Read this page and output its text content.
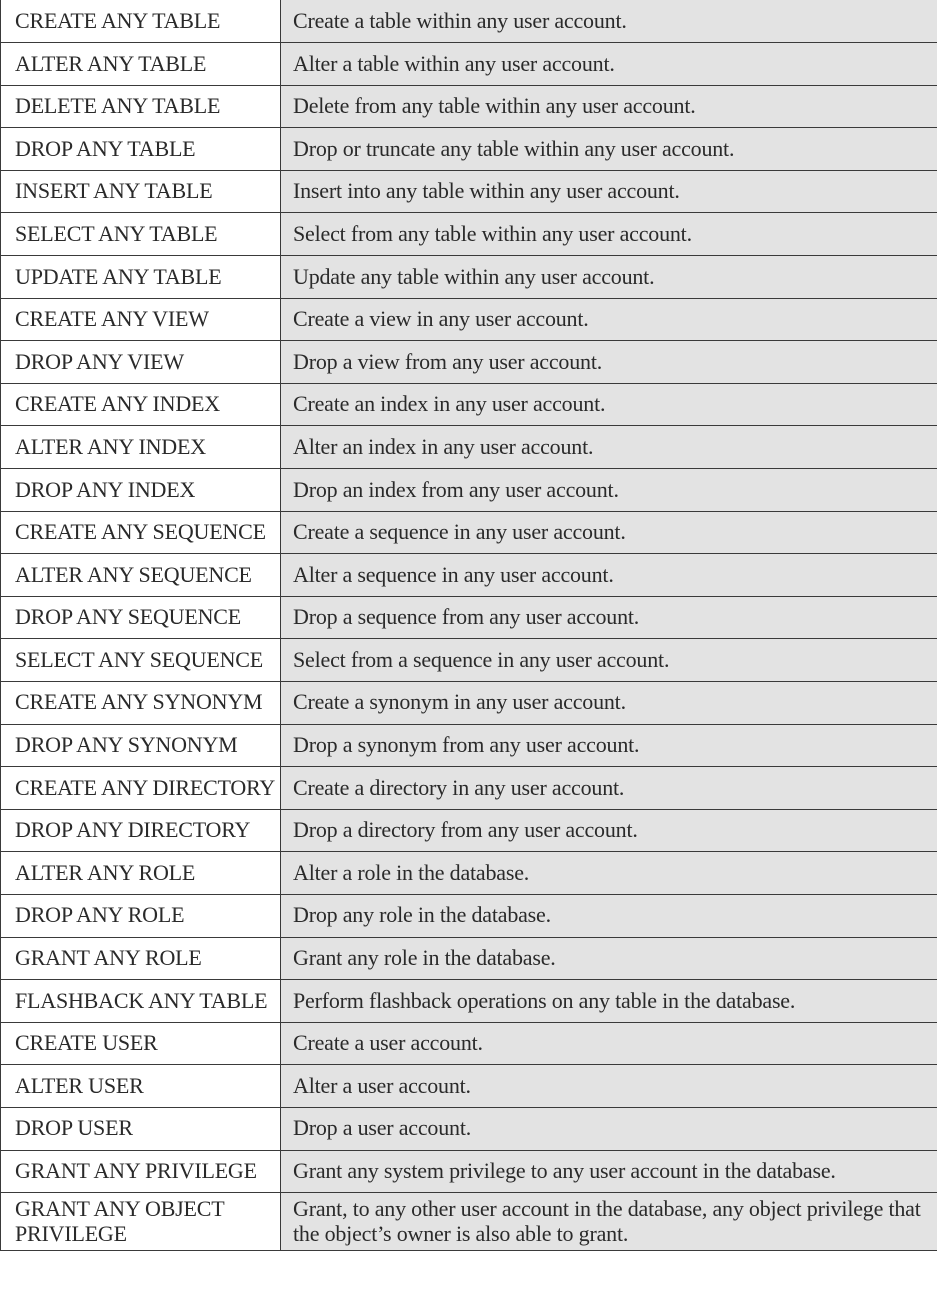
CREATE ANY TABLE	Create a table within any user account.
ALTER ANY TABLE	Alter a table within any user account.
DELETE ANY TABLE	Delete from any table within any user account.
DROP ANY TABLE	Drop or truncate any table within any user account.
INSERT ANY TABLE	Insert into any table within any user account.
SELECT ANY TABLE	Select from any table within any user account.
UPDATE ANY TABLE	Update any table within any user account.
CREATE ANY VIEW	Create a view in any user account.
DROP ANY VIEW	Drop a view from any user account.
CREATE ANY INDEX	Create an index in any user account.
ALTER ANY INDEX	Alter an index in any user account.
DROP ANY INDEX	Drop an index from any user account.
CREATE ANY SEQUENCE	Create a sequence in any user account.
ALTER ANY SEQUENCE	Alter a sequence in any user account.
DROP ANY SEQUENCE	Drop a sequence from any user account.
SELECT ANY SEQUENCE	Select from a sequence in any user account.
CREATE ANY SYNONYM	Create a synonym in any user account.
DROP ANY SYNONYM	Drop a synonym from any user account.
CREATE ANY DIRECTORY	Create a directory in any user account.
DROP ANY DIRECTORY	Drop a directory from any user account.
ALTER ANY ROLE	Alter a role in the database.
DROP ANY ROLE	Drop any role in the database.
GRANT ANY ROLE	Grant any role in the database.
FLASHBACK ANY TABLE	Perform flashback operations on any table in the database.
CREATE USER	Create a user account.
ALTER USER	Alter a user account.
DROP USER	Drop a user account.
GRANT ANY PRIVILEGE	Grant any system privilege to any user account in the database.
GRANT ANY OBJECT PRIVILEGE	Grant, to any other user account in the database, any object privilege that the object’s owner is also able to grant.
